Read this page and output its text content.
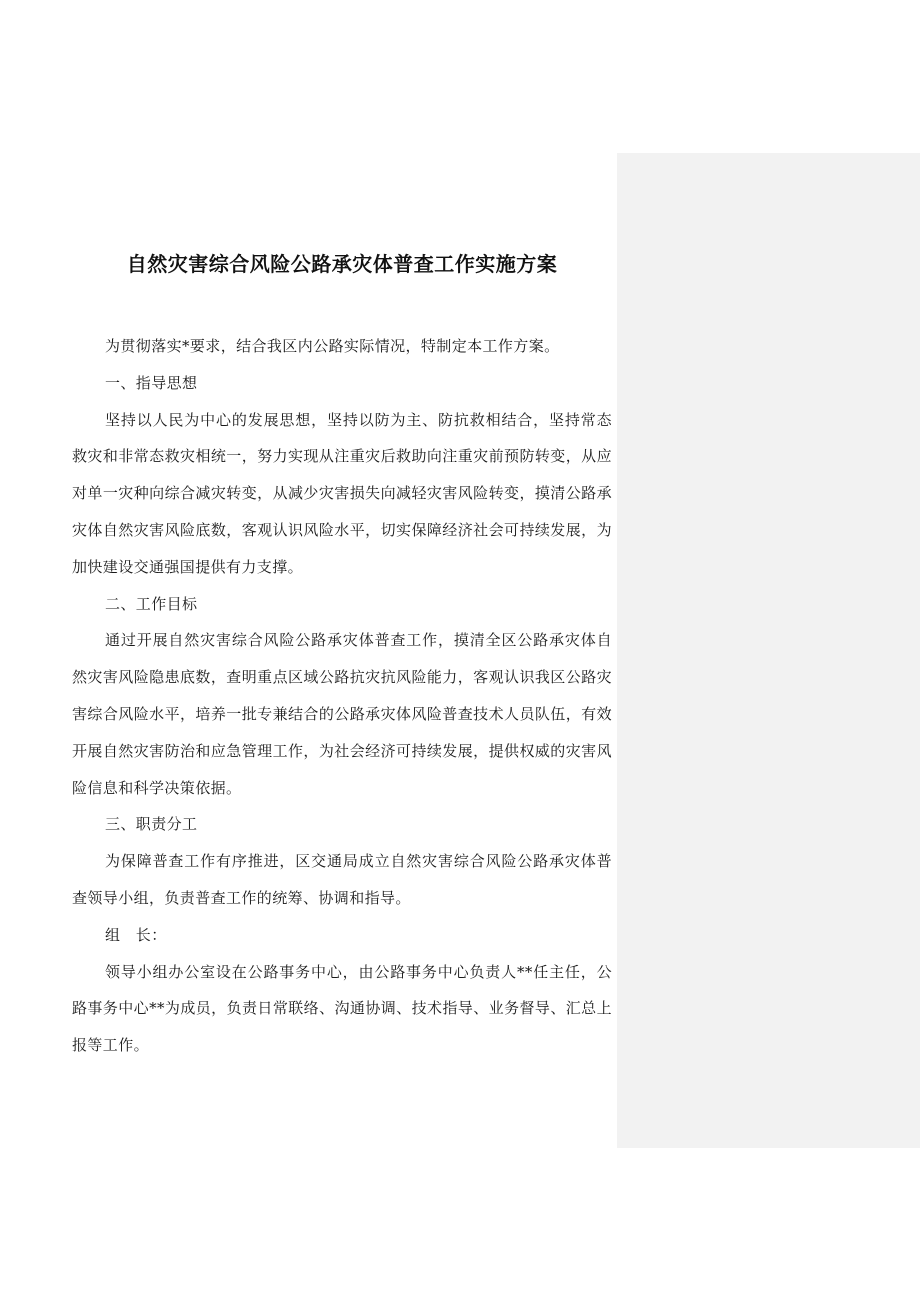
自然灾害综合风险公路承灾体普查工作实施方案

为贯彻落实*要求，结合我区内公路实际情况，特制定本工作方案。

一、指导思想

坚持以人民为中心的发展思想，坚持以防为主、防抗救相结合，坚持常态救灾和非常态救灾相统一，努力实现从注重灾后救助向注重灾前预防转变，从应对单一灾种向综合减灾转变，从减少灾害损失向减轻灾害风险转变，摸清公路承灾体自然灾害风险底数，客观认识风险水平，切实保障经济社会可持续发展，为加快建设交通强国提供有力支撑。

二、工作目标

通过开展自然灾害综合风险公路承灾体普查工作，摸清全区公路承灾体自然灾害风险隐患底数，查明重点区域公路抗灾抗风险能力，客观认识我区公路灾害综合风险水平，培养一批专兼结合的公路承灾体风险普查技术人员队伍，有效开展自然灾害防治和应急管理工作，为社会经济可持续发展，提供权威的灾害风险信息和科学决策依据。

三、职责分工

为保障普查工作有序推进，区交通局成立自然灾害综合风险公路承灾体普查领导小组，负责普查工作的统筹、协调和指导。

组　长：

领导小组办公室设在公路事务中心，由公路事务中心负责人**任主任，公路事务中心**为成员，负责日常联络、沟通协调、技术指导、业务督导、汇总上报等工作。
